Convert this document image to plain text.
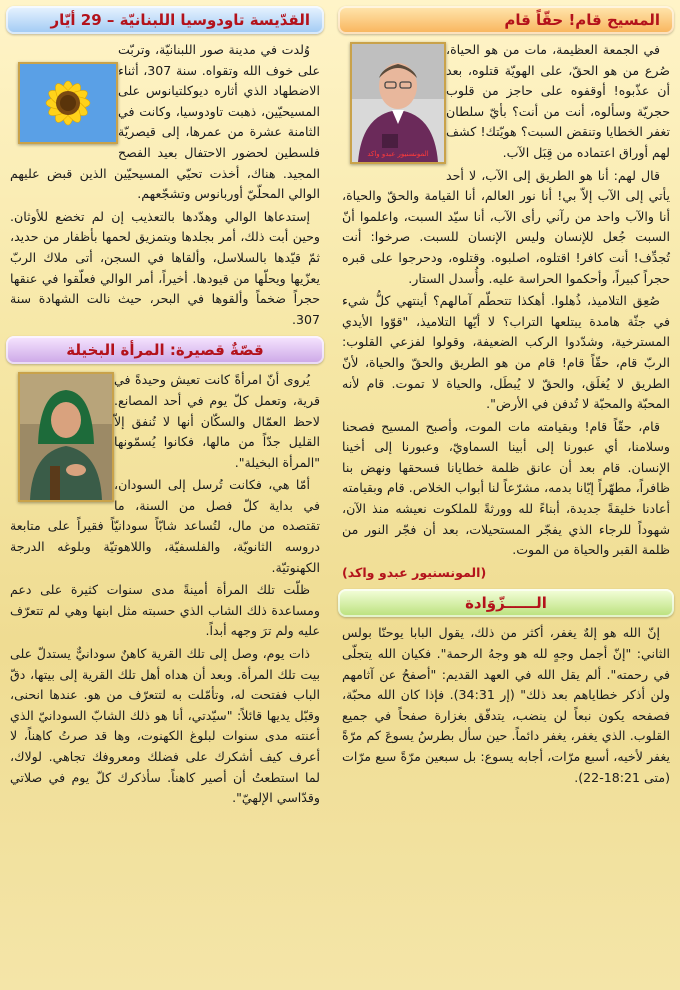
المسيح قام! حقّاً قام
المونسنيور عبدو واكد

في الجمعة العظيمة، مات من هو الحياة، صُرع من هو الحقّ، على الهويّة قتلوه، بعد أن عذّبوه! أوقفوه على حاجز من قلوب حجريّة وسألوه، أنت من أنت؟ بأيّ سلطان تغفر الخطايا وتنقض السبت؟ هويّتك! كشف لهم أوراق اعتماده من قِبَل الآب.

قال لهم: أنا هو الطريق إلى الآب، لا أحد يأتي إلى الآب إلاّ بي! أنا نور العالم، أنا القيامة والحقّ والحياة، أنا والآب واحد من رآني رأى الآب، أنا سيّد السبت، واعلموا أنّ السبت جُعل للإنسان وليس الإنسان للسبت. صرخوا: أنت تُجدِّف! أنت كافر! اقتلوه، اصلبوه. وقتلوه، ودحرجوا على قبره حجراً كبيراً، وأحكموا الحراسة عليه. وأُسدل الستار.

صُعِق التلاميذ، ذُهلوا. أهكذا تتحطّم آمالهم؟ أينتهي كلُّ شيء في جثّة هامدة يبتلعها التراب؟ لا أيّها التلاميذ، "قوّوا الأيدي المسترخية، وشدّدوا الركب الضعيفة، وقولوا لفزعي القلوب: الربّ قام، حقّاً قام! قام من هو الطريق والحقّ والحياة، لأنّ الطريق لا يُغلَق، والحقّ لا يُبطَل، والحياة لا تموت. قام لأنه المحبّة والمحبّة لا تُدفن في الأرض".

قام، حقّاً قام! وبقيامته مات الموت، وأصبح المسيح فصحنا وسلامنا، أي عبورنا إلى أبينا السماويّ، وعبورنا إلى أخينا الإنسان. قام بعد أن عانق ظلمة خطايانا فسحقها ونهض بنا ظافراً، مطهّراً إيّانا بدمه، مشرّعاً لنا أبواب الخلاص. قام وبقيامته أعادنا خليقةً جديدة، أبناءً لله وورثةً للملكوت نعيشه منذ الآن، شهوداً للرجاء الذي يفجّر المستحيلات، بعد أن فجّر النور من ظلمة القبر والحياة من الموت.

(المونسنيور عبدو واكد)

الــــــزّوَادة

إنّ الله هو إلهٌ يغفر، أكثر من ذلك، يقول البابا يوحنّا بولس الثاني: "إنّ أجمل وجهٍ لله هو وجهُ الرحمة". فكيان الله يتجلّى في رحمته". ألم يقل الله في العهد القديم: "أصفحُ عن آثامهم ولن أذكر خطاياهم بعد ذلك" (إر 34:31). فإذا كان الله محبّة، فصفحه يكون نبعاً لن ينضب، يتدفّق بغزارة صفحاً في جميع القلوب. الذي يغفر، يغفر دائماً. حين سأل بطرسُ يسوعَ كم مرّةً يغفر لأخيه، أسبع مرّات، أجابه يسوع: بل سبعين مرّةً سبع مرّات (متى 18:21-22).

القدّيسة تاودوسيا اللبنانيّة – 29 أيّار

وُلدت في مدينة صور اللبنانيّة، وتربّت على خوف الله وتقواه. سنة 307، أثناء الاضطهاد الذي أثاره ديوكلتيانوس على المسيحيّين، ذهبت تاودوسيا، وكانت في الثامنة عشرة من عمرها، إلى قيصريّة فلسطين لحضور الاحتفال بعيد الفصح المجيد. هناك، أخذت تحيّي المسيحيّين الذين قبض عليهم الوالي المحلّيّ أوربانوس وتشجّعهم.

إستدعاها الوالي وهدّدها بالتعذيب إن لم تخضع للأوثان. وحين أبت ذلك، أمر بجلدها وبتمزيق لحمها بأظفار من حديد، ثمّ قيّدها بالسلاسل، وألقاها في السجن، أتى ملاك الربّ يعزّيها ويحلّها من قيودها. أخيراً، أمر الوالي فعلّقوا في عنقها حجراً ضخماً وألقوها في البحر، حيث نالت الشهادة سنة 307.

قصّةٌ قصيرة: المرأة البخيلة

يُروى أنّ امرأةً كانت تعيش وحيدةً في قرية، وتعمل كلّ يوم في أحد المصانع. لاحظ العمّال والسكّان أنها لا تُنفق إلاّ القليل جدّاً من مالها، فكانوا يُسمّونها "المرأة البخيلة".

أمّا هي، فكانت تُرسل إلى السودان، في بداية كلّ فصل من السنة، ما تقتصده من مال، لتُساعد شابّاً سودانيّاً فقيراً على متابعة دروسه الثانويّة، والفلسفيّة، واللاهوتيّة وبلوغه الدرجة الكهنوتيّة.

ظلّت تلك المرأة أمينةً مدى سنوات كثيرة على دعم ومساعدة ذلك الشاب الذي حسبته مثل ابنها وهي لم تتعرّف عليه ولم ترَ وجهه أبداً.

ذات يوم، وصل إلى تلك القرية كاهنٌ سودانيٌّ يستدلّ على بيت تلك المرأة. وبعد أن هداه أهل تلك القرية إلى بيتها، دقّ الباب ففتحت له، وتأمّلت به لتتعرّف من هو. عندها انحنى، وقبّل يديها قائلاً: "سيّدتي، أنا هو ذلك الشابّ السودانيّ الذي أعنته مدى سنوات لبلوغ الكهنوت، وها قد صرتُ كاهناً، لا أعرف كيف أشكرك على فضلك ومعروفك تجاهي. لولاك، لما استطعتُ أن أصير كاهناً. سأذكرك كلّ يوم في صلاتي وقدّاسي الإلهيّ".
